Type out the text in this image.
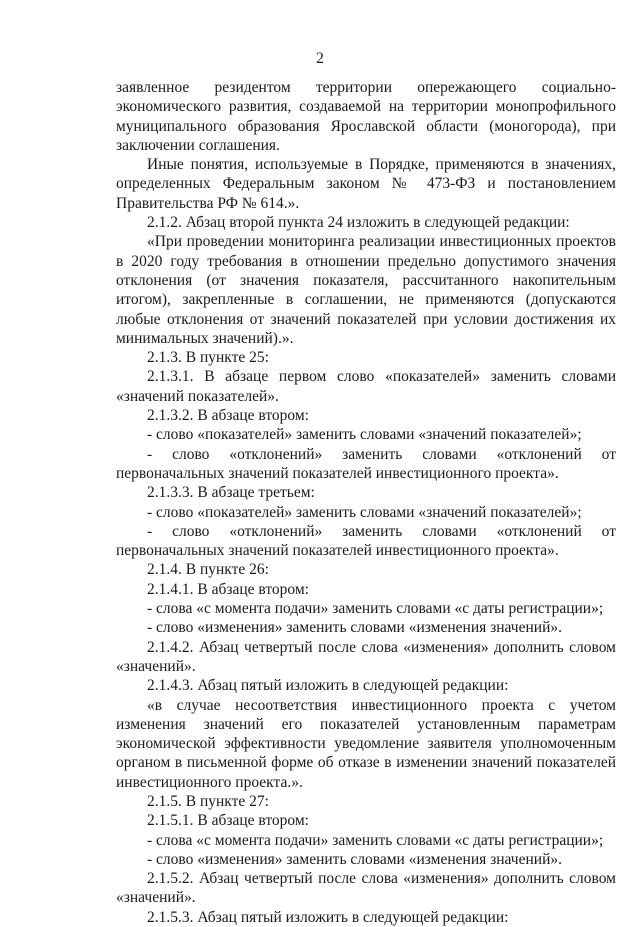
2

заявленное резидентом территории опережающего социально-экономического развития, создаваемой на территории монопрофильного муниципального образования Ярославской области (моногорода), при заключении соглашения.

Иные понятия, используемые в Порядке, применяются в значениях, определенных Федеральным законом № 473-ФЗ и постановлением Правительства РФ № 614.».

2.1.2. Абзац второй пункта 24 изложить в следующей редакции:

«При проведении мониторинга реализации инвестиционных проектов в 2020 году требования в отношении предельно допустимого значения отклонения (от значения показателя, рассчитанного накопительным итогом), закрепленные в соглашении, не применяются (допускаются любые отклонения от значений показателей при условии достижения их минимальных значений).».

2.1.3. В пункте 25:

2.1.3.1. В абзаце первом слово «показателей» заменить словами «значений показателей».

2.1.3.2. В абзаце втором:

- слово «показателей» заменить словами «значений показателей»;

- слово «отклонений» заменить словами «отклонений от первоначальных значений показателей инвестиционного проекта».

2.1.3.3. В абзаце третьем:

- слово «показателей» заменить словами «значений показателей»;

- слово «отклонений» заменить словами «отклонений от первоначальных значений показателей инвестиционного проекта».

2.1.4. В пункте 26:

2.1.4.1. В абзаце втором:

- слова «с момента подачи» заменить словами «с даты регистрации»;

- слово «изменения» заменить словами «изменения значений».

2.1.4.2. Абзац четвертый после слова «изменения» дополнить словом «значений».

2.1.4.3. Абзац пятый изложить в следующей редакции:

«в случае несоответствия инвестиционного проекта с учетом изменения значений его показателей установленным параметрам экономической эффективности уведомление заявителя уполномоченным органом в письменной форме об отказе в изменении значений показателей инвестиционного проекта.».

2.1.5. В пункте 27:

2.1.5.1. В абзаце втором:

- слова «с момента подачи» заменить словами «с даты регистрации»;

- слово «изменения» заменить словами «изменения значений».

2.1.5.2. Абзац четвертый после слова «изменения» дополнить словом «значений».

2.1.5.3. Абзац пятый изложить в следующей редакции:
